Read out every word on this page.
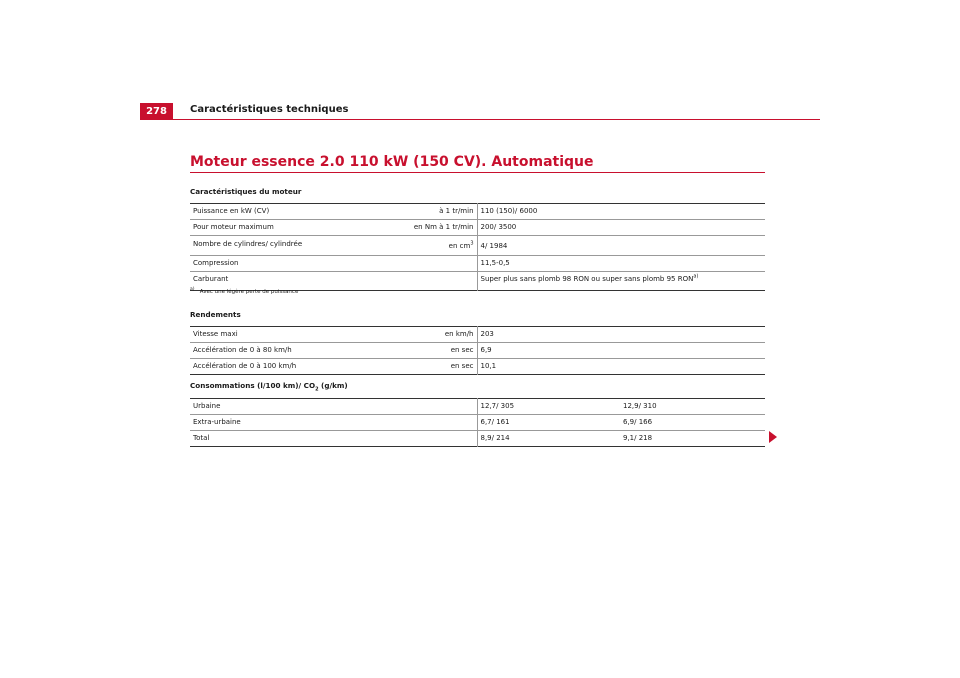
278	Caractéristiques techniques
Moteur essence 2.0 110 kW (150 CV). Automatique
Caractéristiques du moteur
Puissance en kW (CV) à 1 tr/min	110 (150)/ 6000
Pour moteur maximum en Nm à 1 tr/min	200/ 3500
Nombre de cylindres/ cylindrée en $cm^3$	4/ 1984
Compression	11,5-0,5
Carburant	Super plus sans plomb 98 RON ou super sans plomb 95 RON$^{a)}$
$^{a)}$ Avec une légère perte de puissance
Rendements
Vitesse maxi en km/h	203
Accélération de 0 à 80 km/h en sec	6,9
Accélération de 0 à 100 km/h en sec	10,1
Consommations (l/100 km)/ $CO_2$ (g/km)
Urbaine	12,7/ 305	12,9/ 310
Extra-urbaine	6,7/ 161	6,9/ 166
Total	8,9/ 214	9,1/ 218
